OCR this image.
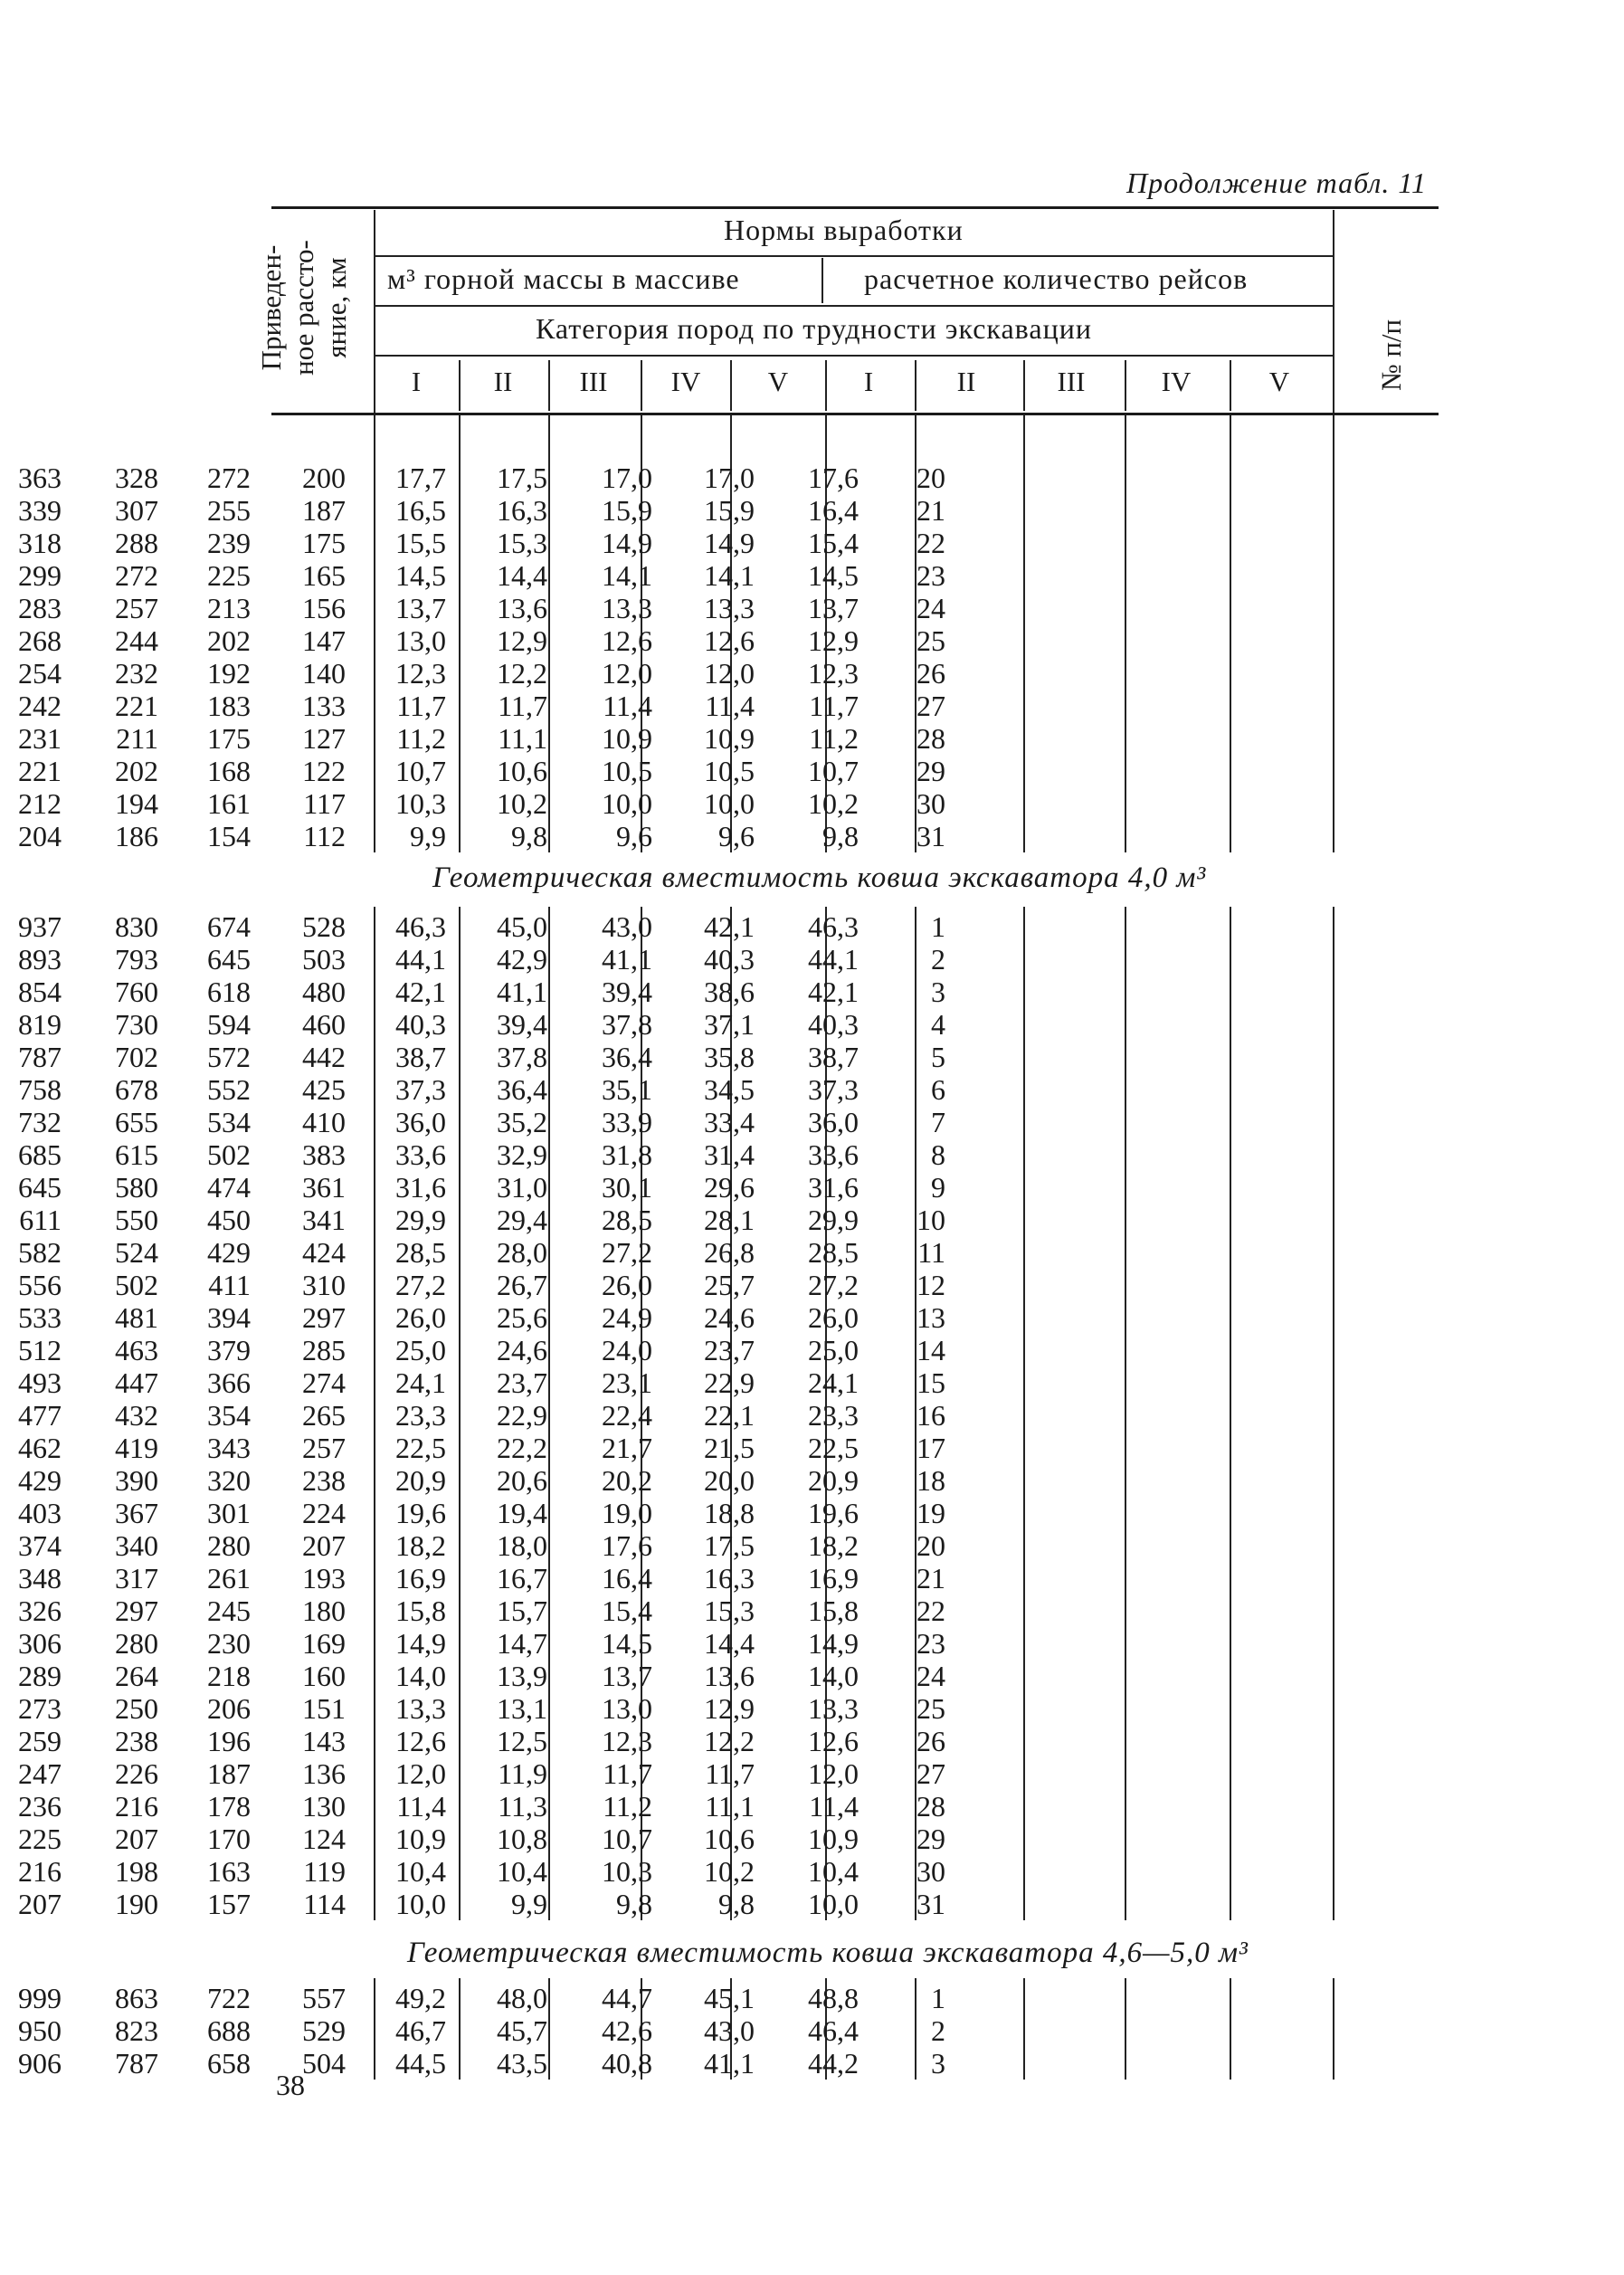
Продолжение табл. 11
Приведен-
ное рассто-
яние, км
Нормы выработки
м³ горной массы в массиве	расчетное количество рейсов
Категория пород по трудности экскавации
I	II	III	IV	V	I	II	III	IV	V	№ п/п
363 328 272 200 17,7 17,5 17,0 17,0 17,6 20
339 307 255 187 16,5 16,3 15,9 15,9 16,4 21
318 288 239 175 15,5 15,3 14,9 14,9 15,4 22
299 272 225 165 14,5 14,4 14,1 14,1 14,5 23
283 257 213 156 13,7 13,6 13,3 13,3 13,7 24
268 244 202 147 13,0 12,9 12,6 12,6 12,9 25
254 232 192 140 12,3 12,2 12,0 12,0 12,3 26
242 221 183 133 11,7 11,7 11,4 11,4 11,7 27
231 211 175 127 11,2 11,1 10,9 10,9 11,2 28
221 202 168 122 10,7 10,6 10,5 10,5 10,7 29
212 194 161 117 10,3 10,2 10,0 10,0 10,2 30
204 186 154 112 9,9 9,8 9,6 9,6 9,8 31
Геометрическая вместимость ковша экскаватора 4,0 м³
937 830 674 528 46,3 45,0 43,0 42,1 46,3	1
893 793 645 503 44,1 42,9 41,1 40,3 44,1	2
854 760 618 480 42,1 41,1 39,4 38,6 42,1	3
819 730 594 460 40,3 39,4 37,8 37,1 40,3	4
787 702 572 442 38,7 37,8 36,4 35,8 38,7	5
758 678 552 425 37,3 36,4 35,1 34,5 37,3	6
732 655 534 410 36,0 35,2 33,9 33,4 36,0	7
685 615 502 383 33,6 32,9 31,8 31,4 33,6	8
645 580 474 361 31,6 31,0 30,1 29,6 31,6	9
611 550 450 341 29,9 29,4 28,5 28,1 29,9 10
582 524 429 424 28,5 28,0 27,2 26,8 28,5 11
556 502 411 310 27,2 26,7 26,0 25,7 27,2 12
533 481 394 297 26,0 25,6 24,9 24,6 26,0 13
512 463 379 285 25,0 24,6 24,0 23,7 25,0 14
493 447 366 274 24,1 23,7 23,1 22,9 24,1 15
477 432 354 265 23,3 22,9 22,4 22,1 23,3 16
462 419 343 257 22,5 22,2 21,7 21,5 22,5 17
429 390 320 238 20,9 20,6 20,2 20,0 20,9 18
403 367 301 224 19,6 19,4 19,0 18,8 19,6 19
374 340 280 207 18,2 18,0 17,6 17,5 18,2 20
348 317 261 193 16,9 16,7 16,4 16,3 16,9 21
326 297 245 180 15,8 15,7 15,4 15,3 15,8 22
306 280 230 169 14,9 14,7 14,5 14,4 14,9 23
289 264 218 160 14,0 13,9 13,7 13,6 14,0 24
273 250 206 151 13,3 13,1 13,0 12,9 13,3 25
259 238 196 143 12,6 12,5 12,3 12,2 12,6 26
247 226 187 136 12,0 11,9 11,7 11,7 12,0 27
236 216 178 130 11,4 11,3 11,2 11,1 11,4 28
225 207 170 124 10,9 10,8 10,7 10,6 10,9 29
216 198 163 119 10,4 10,4 10,3 10,2 10,4 30
207 190 157 114 10,0 9,9 9,8 9,8 10,0 31
Геометрическая вместимость ковша экскаватора 4,6—5,0 м³
999 863 722 557 49,2 48,0 44,7 45,1 48,8	1
950 823 688 529 46,7 45,7 42,6 43,0 46,4	2
906 787 658 504 44,5 43,5 40,8 41,1 44,2	3
38
